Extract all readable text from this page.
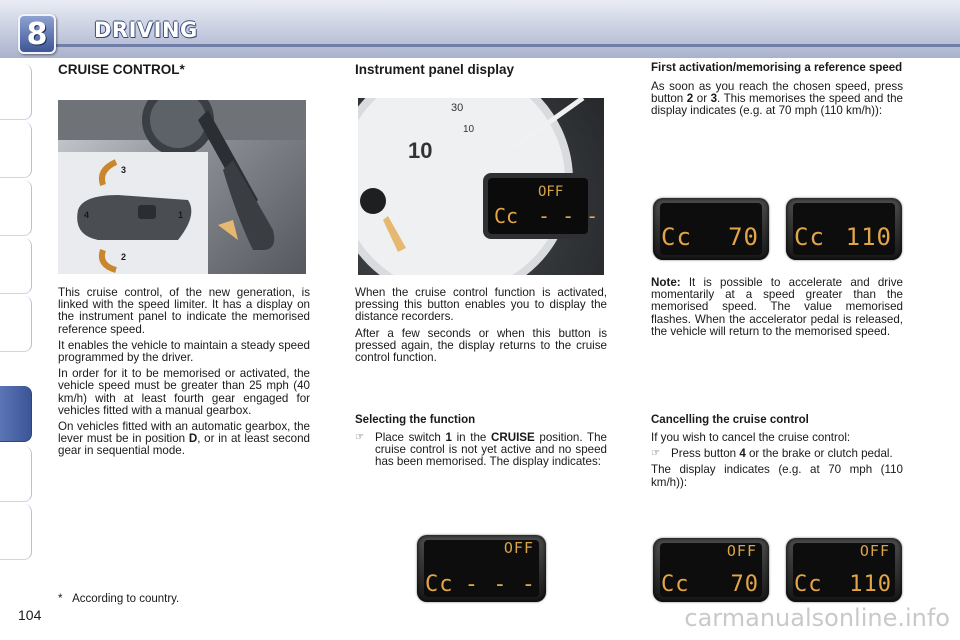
8 DRIVING
CRUISE CONTROL*
3
4	1
2

This cruise control, of the new generation, is linked with the speed limiter. It has a display on the instrument panel to indicate the memorised reference speed.

It enables the vehicle to maintain a steady speed programmed by the driver.

In order for it to be memorised or activated, the vehicle speed must be greater than 25 mph (40 km/h) with at least fourth gear engaged for vehicles fitted with a manual gearbox.

On vehicles fitted with an automatic gearbox, the lever must be in position D, or in at least second gear in sequential mode.

Instrument panel display
10
30
10
OFF
Cc - - -

When the cruise control function is activated, pressing this button enables you to display the distance recorders.

After a few seconds or when this button is pressed again, the display returns to the cruise control function.

Selecting the function
☞ Place switch 1 in the CRUISE position. The cruise control is not yet active and no speed has been memorised. The display indicates:

OFF
Cc - - -
First activation/memorising a reference speed

As soon as you reach the chosen speed, press button 2 or 3. This memorises the speed and the display indicates (e.g. at 70 mph (110 km/h)):

Cc 70 Cc 110

Note: It is possible to accelerate and drive momentarily at a speed greater than the memorised speed. The value memorised flashes. When the accelerator pedal is released, the vehicle will return to the memorised speed.

Cancelling the cruise control

If you wish to cancel the cruise control:

☞ Press button 4 or the brake or clutch pedal.

The display indicates (e.g. at 70 mph (110 km/h)):

OFF
Cc 70
OFF
Cc 110
* According to country.
104	carmanualsonline.info
